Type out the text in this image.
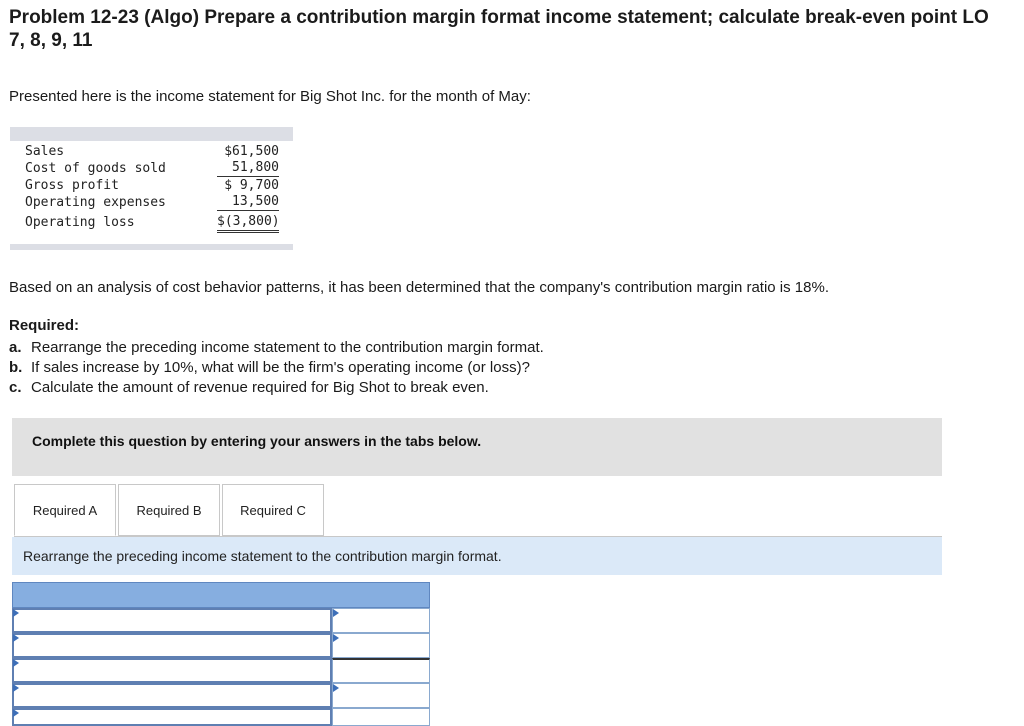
Problem 12-23 (Algo) Prepare a contribution margin format income statement; calculate break-even point LO 7, 8, 9, 11
Presented here is the income statement for Big Shot Inc. for the month of May:
Sales	$61,500
Cost of goods sold	51,800
Gross profit	$ 9,700
Operating expenses	13,500
Operating loss	$(3,800)
Based on an analysis of cost behavior patterns, it has been determined that the company's contribution margin ratio is 18%.
Required:
a. Rearrange the preceding income statement to the contribution margin format.
b. If sales increase by 10%, what will be the firm's operating income (or loss)?
c. Calculate the amount of revenue required for Big Shot to break even.
Complete this question by entering your answers in the tabs below.
Required A	Required B	Required C
Rearrange the preceding income statement to the contribution margin format.
